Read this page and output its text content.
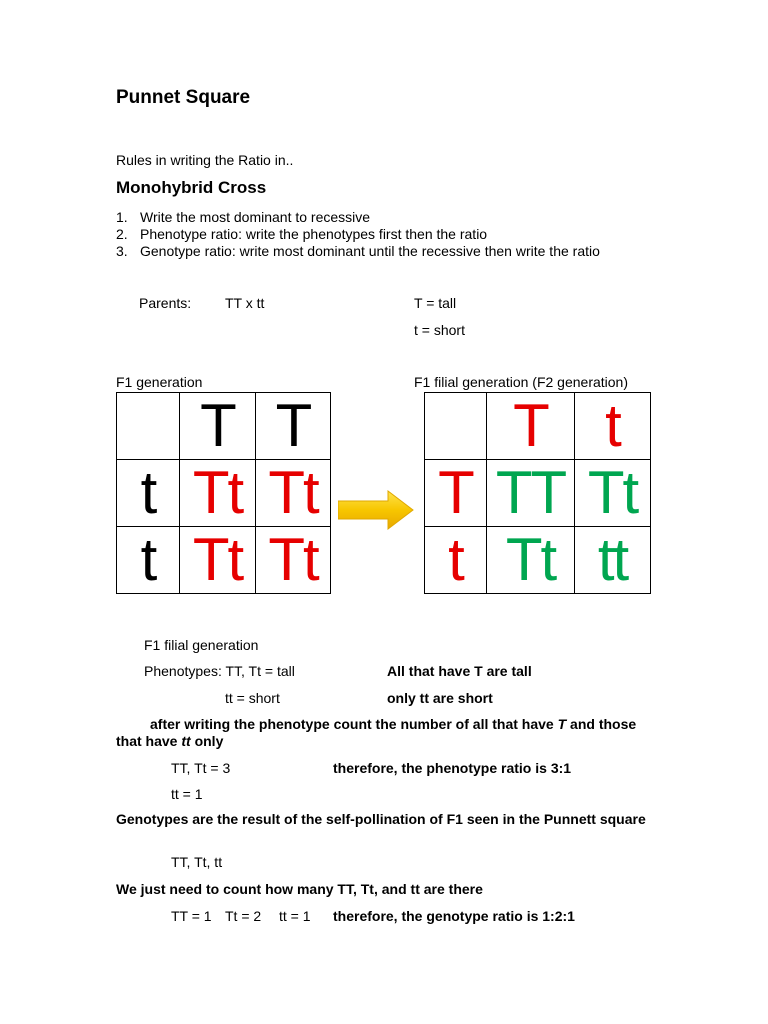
Punnet Square
Rules in writing the Ratio in..
Monohybrid Cross
1. Write the most dominant to recessive
2. Phenotype ratio: write the phenotypes first then the ratio
3. Genotype ratio: write most dominant until the recessive then write the ratio
Parents: TT x tt	T = tall
t = short
F1 generation	F1 filial generation (F2 generation)
	T	T
t	Tt	Tt
t	Tt	Tt
	T	t
T	TT	Tt
t	Tt	tt
F1 filial generation
Phenotypes: TT, Tt = tall	All that have T are tall
tt = short	only tt are short
after writing the phenotype count the number of all that have T and those that have tt only
TT, Tt = 3	therefore, the phenotype ratio is 3:1
tt = 1
Genotypes are the result of the self-pollination of F1 seen in the Punnett square
TT, Tt, tt
We just need to count how many TT, Tt, and tt are there
TT = 1 Tt = 2 tt = 1 therefore, the genotype ratio is 1:2:1
